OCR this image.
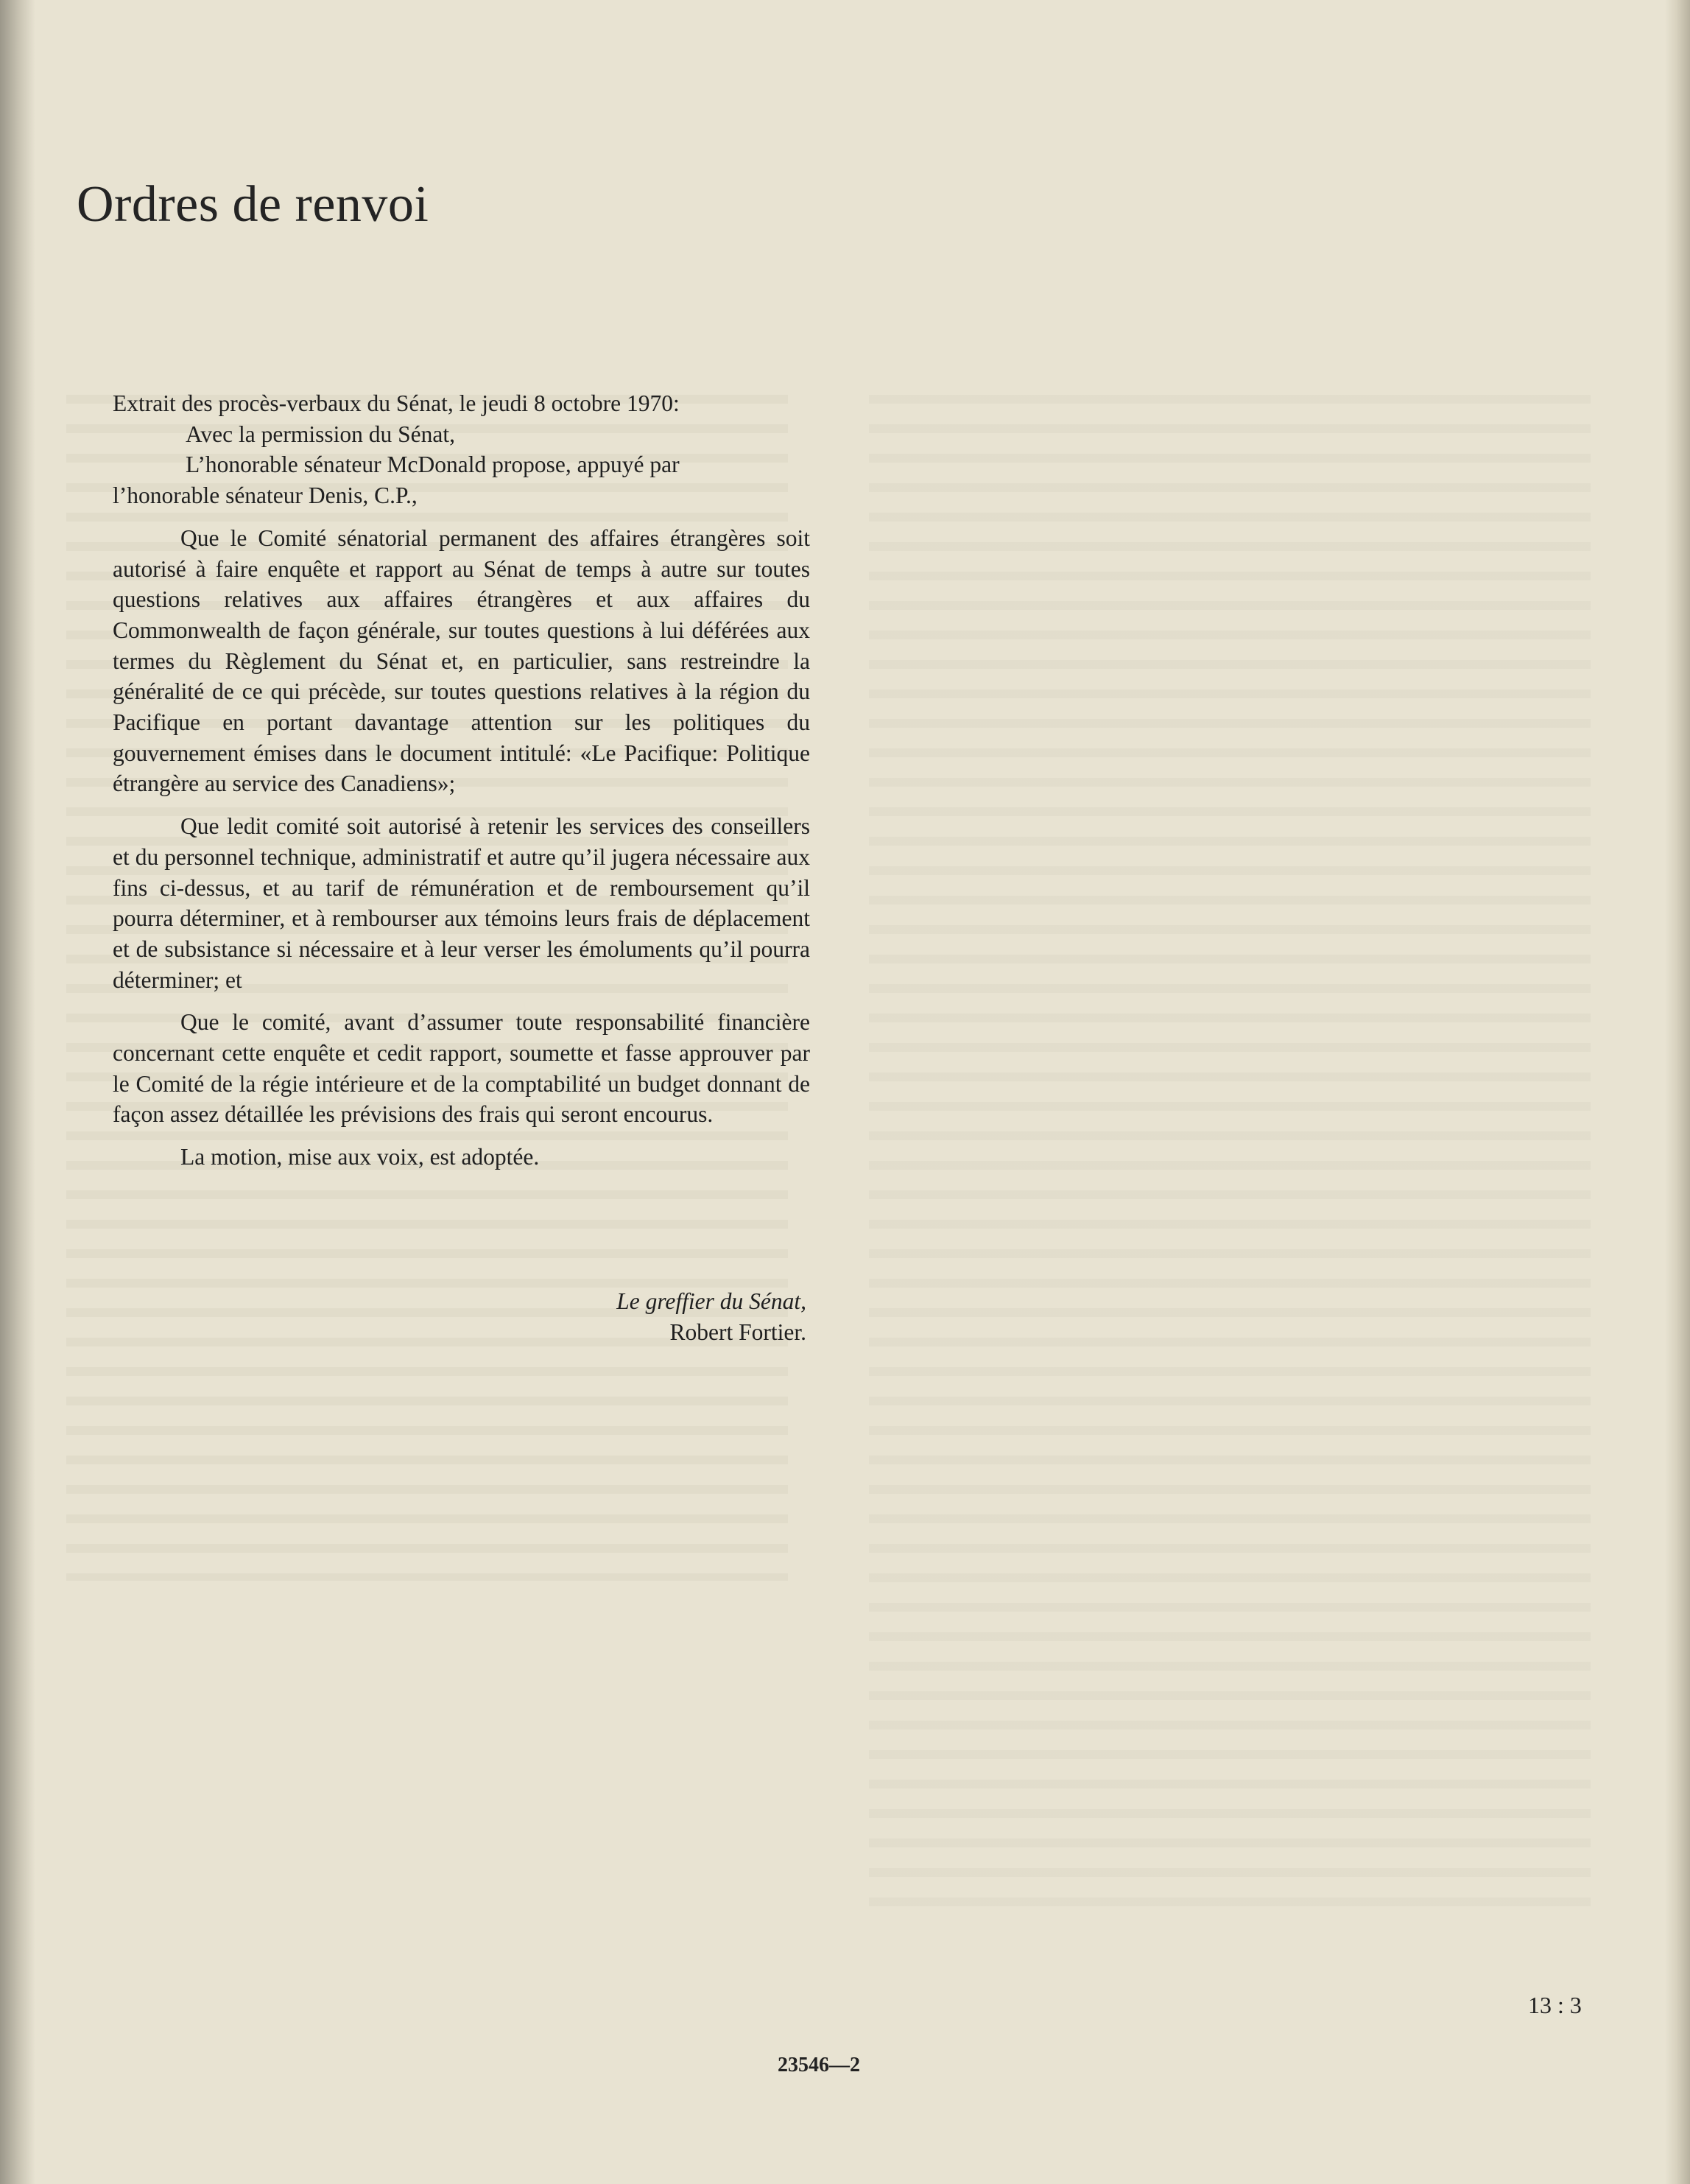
Ordres de renvoi

Extrait des procès-verbaux du Sénat, le jeudi 8 octobre 1970:

Avec la permission du Sénat,

L’honorable sénateur McDonald propose, appuyé par

l’honorable sénateur Denis, C.P.,

Que le Comité sénatorial permanent des affaires étrangères soit autorisé à faire enquête et rapport au Sénat de temps à autre sur toutes questions relatives aux affaires étrangères et aux affaires du Commonwealth de façon générale, sur toutes questions à lui déférées aux termes du Règlement du Sénat et, en particulier, sans restreindre la généralité de ce qui précède, sur toutes questions relatives à la région du Pacifique en portant davantage attention sur les politiques du gouvernement émises dans le document intitulé: «Le Pacifique: Politique étrangère au service des Canadiens»;

Que ledit comité soit autorisé à retenir les services des conseillers et du personnel technique, administratif et autre qu’il jugera nécessaire aux fins ci-dessus, et au tarif de rémunération et de remboursement qu’il pourra déterminer, et à rembourser aux témoins leurs frais de déplacement et de subsistance si nécessaire et à leur verser les émoluments qu’il pourra déterminer; et

Que le comité, avant d’assumer toute responsabilité financière concernant cette enquête et cedit rapport, soumette et fasse approuver par le Comité de la régie intérieure et de la comptabilité un budget donnant de façon assez détaillée les prévisions des frais qui seront encourus.

La motion, mise aux voix, est adoptée.

Le greffier du Sénat,
Robert Fortier.
13 : 3
23546—2
